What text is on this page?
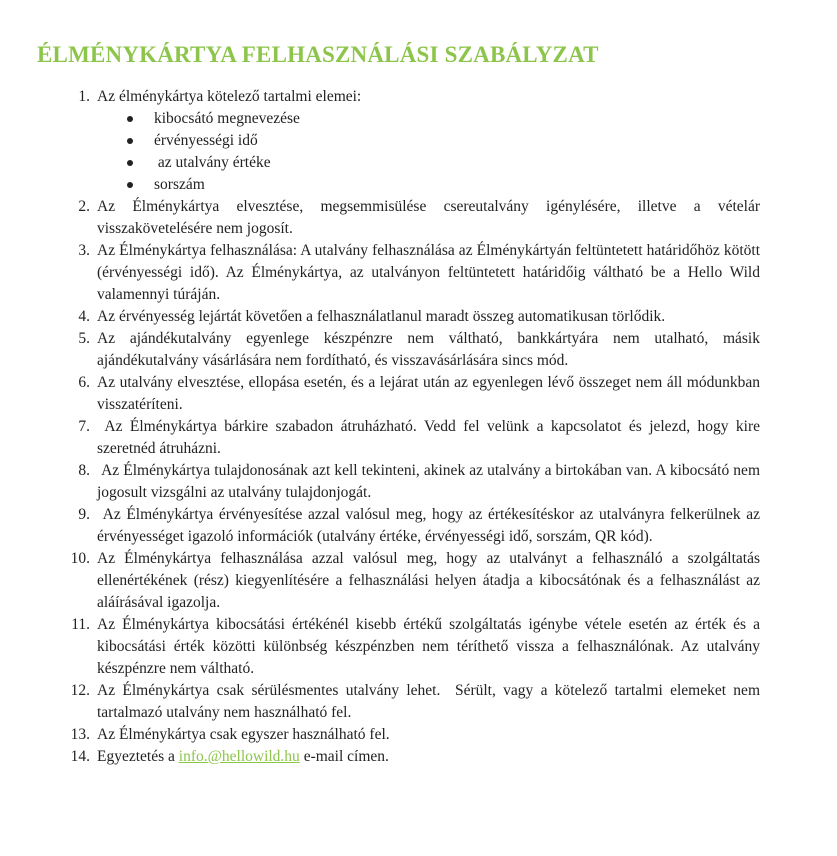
ÉLMÉNYKÁRTYA FELHASZNÁLÁSI SZABÁLYZAT
1 . Az élménykártya kötelező tartalmi elemei:
kibocsátó megnevezése
érvényességi idő
az utalvány értéke
sorszám
2 . Az Élménykártya elvesztése, megsemmisülése csereutalvány igénylésére, illetve a vételár visszakövetelésére nem jogosít.
3 . Az Élménykártya felhasználása: A utalvány felhasználása az Élménykártyán feltüntetett határidőhöz kötött (érvényességi idő). Az Élménykártya, az utalványon feltüntetett határidőig váltható be a Hello Wild valamennyi túráján.
4 . Az érvényesség lejártát követően a felhasználatlanul maradt összeg automatikusan törlődik.
5 . Az ajándékutalvány egyenlege készpénzre nem váltható, bankkártyára nem utalható, másik ajándékutalvány vásárlására nem fordítható, és visszavásárlására sincs mód.
6 . Az utalvány elvesztése, ellopása esetén, és a lejárat után az egyenlegen lévő összeget nem áll módunkban visszatéríteni.
7 . Az Élménykártya bárkire szabadon átruházható. Vedd fel velünk a kapcsolatot és jelezd, hogy kire szeretnéd átruházni.
8 . Az Élménykártya tulajdonosának azt kell tekinteni, akinek az utalvány a birtokában van. A kibocsátó nem jogosult vizsgálni az utalvány tulajdonjogát.
9 . Az Élménykártya érvényesítése azzal valósul meg, hogy az értékesítéskor az utalványra felkerülnek az érvényességet igazoló információk (utalvány értéke, érvényességi idő, sorszám, QR kód).
10 . Az Élménykártya felhasználása azzal valósul meg, hogy az utalványt a felhasználó a szolgáltatás ellenértékének (rész) kiegyenlítésére a felhasználási helyen átadja a kibocsátónak és a felhasználást az aláírásával igazolja.
11 . Az Élménykártya kibocsátási értékénél kisebb értékű szolgáltatás igénybe vétele esetén az érték és a kibocsátási érték közötti különbség készpénzben nem téríthető vissza a felhasználónak. Az utalvány készpénzre nem váltható.
12 . Az Élménykártya csak sérülésmentes utalvány lehet.  Sérült, vagy a kötelező tartalmi elemeket nem tartalmazó utalvány nem használható fel.
13 . Az Élménykártya csak egyszer használható fel.
14 . Egyeztetés a info.@hellowild.hu e-mail címen.
